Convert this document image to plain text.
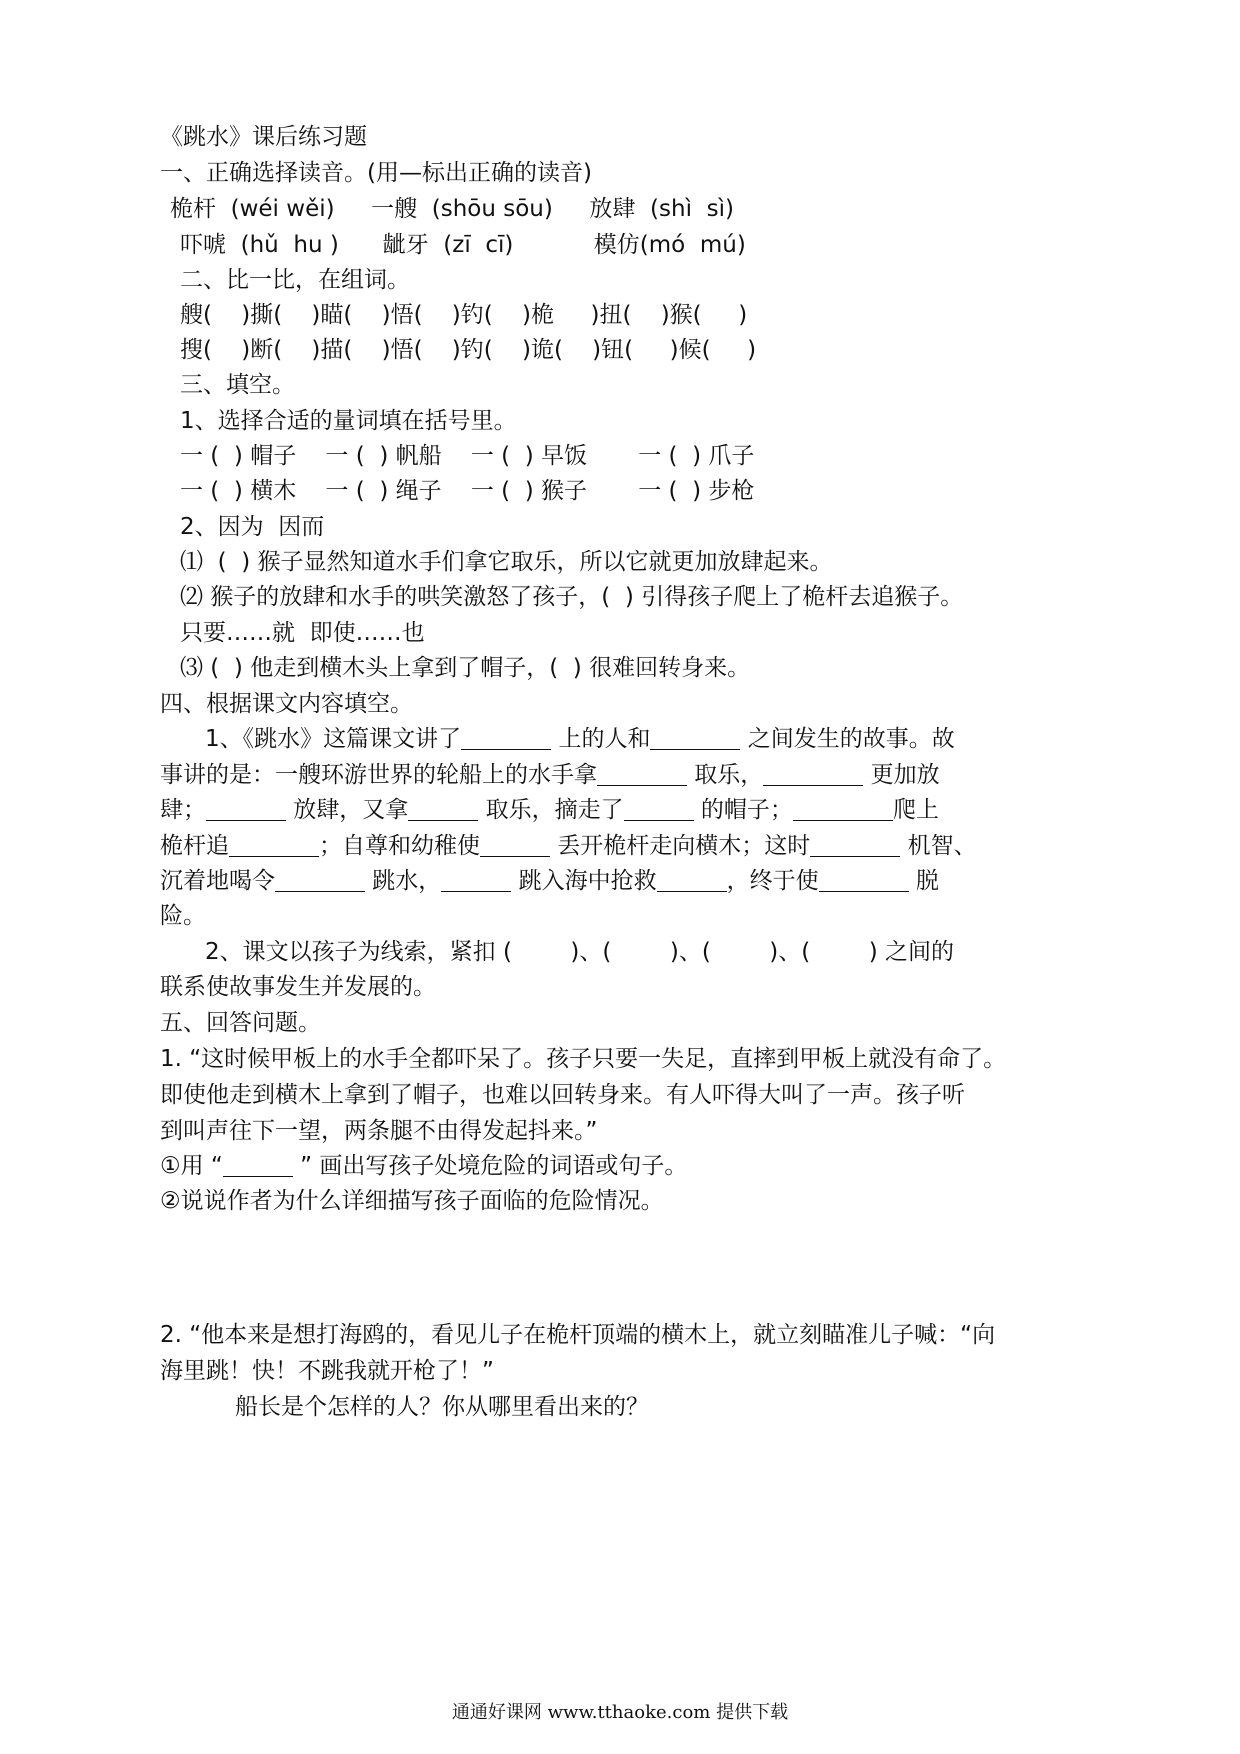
《跳水》课后练习题
一、正确选择读音。(用—标出正确的读音)
桅杆  (wéi wěi)     一艘  (shōu sōu)     放肆  (shì  sì)
吓唬  (hǔ  hu )      龇牙  (zī  cī)           模仿(mó  mú)
二、比一比，在组词。
艘(    )撕(    )瞄(    )悟(    )钓(    )桅     )扭(    )猴(     )
搜(    )断(    )描(    )悟(    )钓(    )诡(    )钮(     )候(     )
三、填空。
1、选择合适的量词填在括号里。
一 (  ) 帽子    一 (  ) 帆船    一 (  ) 早饭       一 (  ) 爪子
一 (  ) 横木    一 (  ) 绳子    一 (  ) 猴子       一 (  ) 步枪
2、因为  因而
⑴  (  ) 猴子显然知道水手们拿它取乐，所以它就更加放肆起来。
⑵ 猴子的放肆和水手的哄笑激怒了孩子，(  ) 引得孩子爬上了桅杆去追猴子。
只要……就  即使……也
⑶ (  ) 他走到横木头上拿到了帽子，(  ) 很难回转身来。
四、根据课文内容填空。
1、《跳水》这篇课文讲了	上的人和	之间发生的故事。故
事讲的是：一艘环游世界的轮船上的水手拿	取乐，	更加放
肆；	放肆，又拿	取乐，摘走了	的帽子；	爬上
桅杆追	；自尊和幼稚使	丢开桅杆走向横木；这时	机智、
沉着地喝令	跳水，	跳入海中抢救	，终于使	脱
险。
2、课文以孩子为线索，紧扣 (        )、(        )、(        )、(        ) 之间的
联系使故事发生并发展的。
五、回答问题。
1. “这时候甲板上的水手全都吓呆了。孩子只要一失足，直摔到甲板上就没有命了。
即使他走到横木上拿到了帽子，也难以回转身来。有人吓得大叫了一声。孩子听
到叫声往下一望，两条腿不由得发起抖来。”
①用 “	” 画出写孩子处境危险的词语或句子。
②说说作者为什么详细描写孩子面临的危险情况。
2. “他本来是想打海鸥的，看见儿子在桅杆顶端的横木上，就立刻瞄准儿子喊：“向
海里跳！快！不跳我就开枪了！”
船长是个怎样的人？你从哪里看出来的？
通通好课网 www.tthaoke.com 提供下载
